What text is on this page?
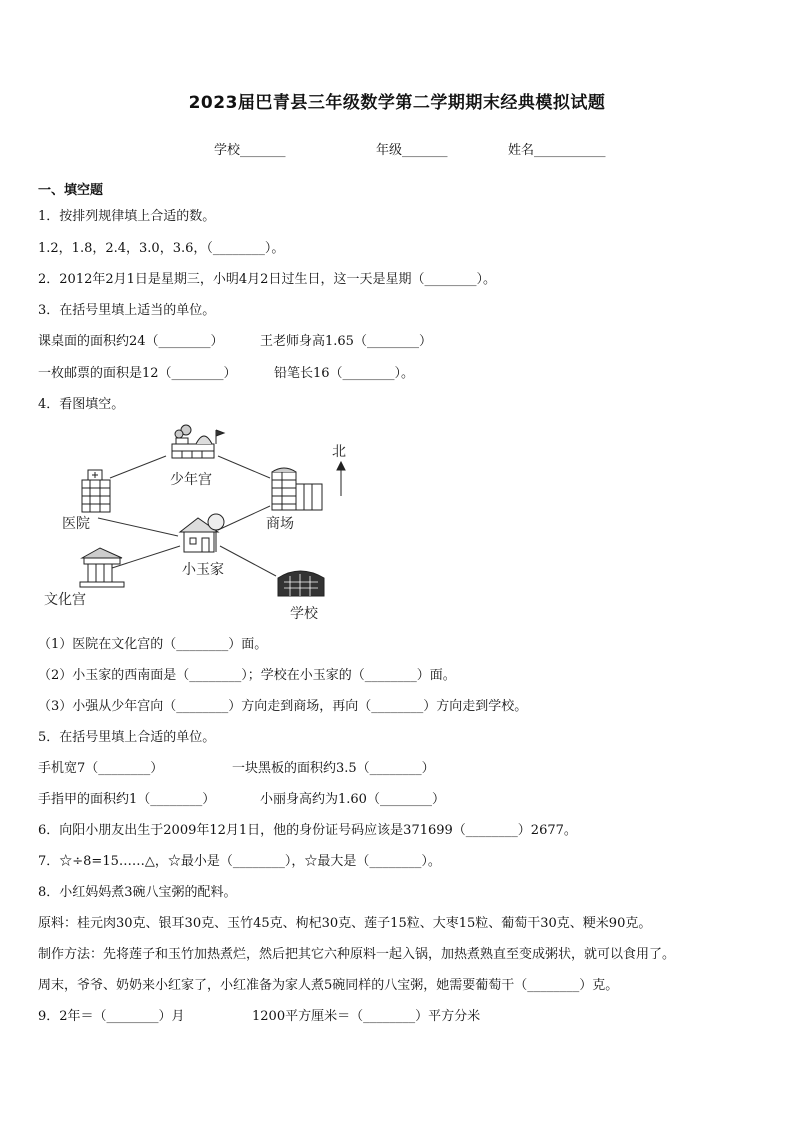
2023届巴青县三年级数学第二学期期末经典模拟试题
学校_______	年级_______	姓名___________
一、填空题
1．按排列规律填上合适的数。
1.2，1.8，2.4，3.0，3.6，（________）。
2．2012年2月1日是星期三，小明4月2日过生日，这一天是星期（________）。
3．在括号里填上适当的单位。
课桌面的面积约24（________）	王老师身高1.65（________）
一枚邮票的面积是12（________）	铅笔长16（________）。
4．看图填空。
少年宫
医院	商场
北
小玉家
文化宫
学校
（1）医院在文化宫的（________）面。
（2）小玉家的西南面是（________）；学校在小玉家的（________）面。
（3）小强从少年宫向（________）方向走到商场，再向（________）方向走到学校。
5．在括号里填上合适的单位。
手机宽7（________）	一块黑板的面积约3.5（________）
手指甲的面积约1（________）	小丽身高约为1.60（________）
6．向阳小朋友出生于2009年12月1日，他的身份证号码应该是371699（________）2677。
7．☆÷8=15……△，☆最小是（________），☆最大是（________）。
8．小红妈妈煮3碗八宝粥的配料。
原料：桂元肉30克、银耳30克、玉竹45克、枸杞30克、莲子15粒、大枣15粒、葡萄干30克、粳米90克。
制作方法：先将莲子和玉竹加热煮烂，然后把其它六种原料一起入锅，加热煮熟直至变成粥状，就可以食用了。
周末，爷爷、奶奶来小红家了，小红准备为家人煮5碗同样的八宝粥，她需要葡萄干（________）克。
9．2年＝（________）月	1200平方厘米＝（________）平方分米
